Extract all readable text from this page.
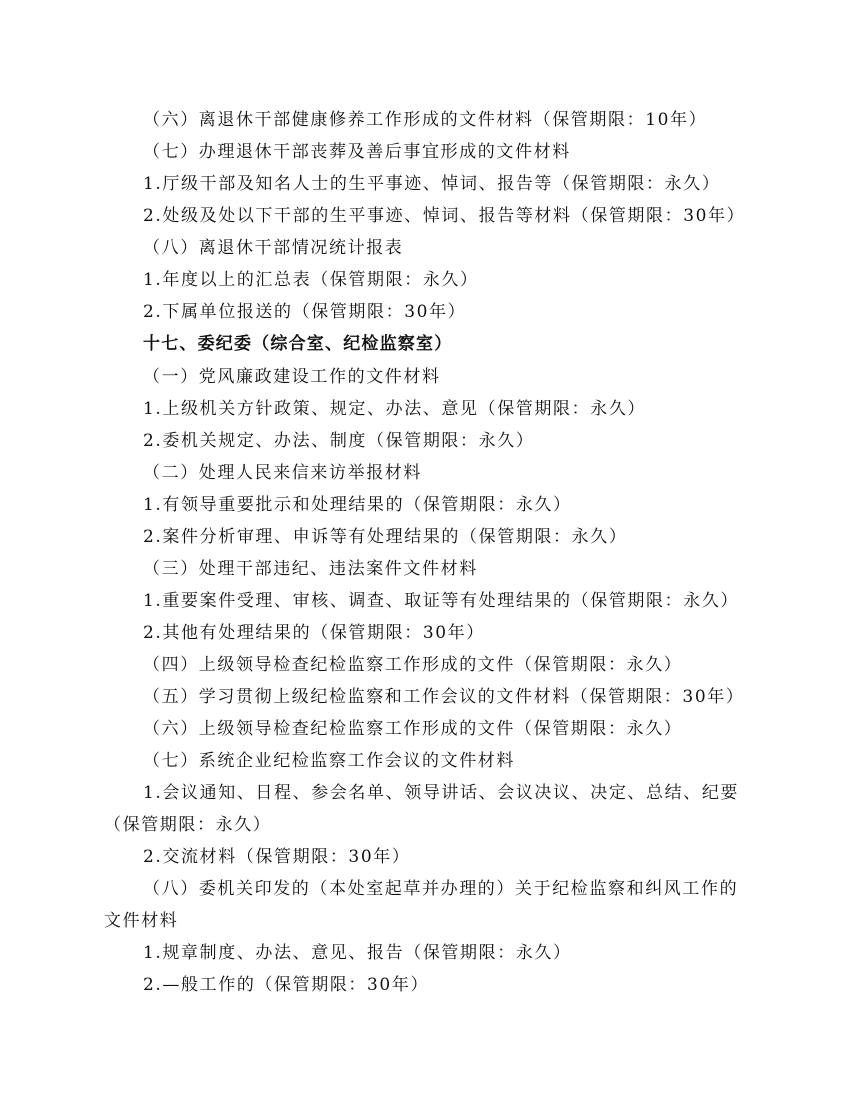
（六）离退休干部健康修养工作形成的文件材料（保管期限：10年）
（七）办理退休干部丧葬及善后事宜形成的文件材料
1.厅级干部及知名人士的生平事迹、悼词、报告等（保管期限：永久）
2.处级及处以下干部的生平事迹、悼词、报告等材料（保管期限：30年）
（八）离退休干部情况统计报表
1.年度以上的汇总表（保管期限：永久）
2.下属单位报送的（保管期限：30年）
十七、委纪委（综合室、纪检监察室）
（一）党风廉政建设工作的文件材料
1.上级机关方针政策、规定、办法、意见（保管期限：永久）
2.委机关规定、办法、制度（保管期限：永久）
（二）处理人民来信来访举报材料
1.有领导重要批示和处理结果的（保管期限：永久）
2.案件分析审理、申诉等有处理结果的（保管期限：永久）
（三）处理干部违纪、违法案件文件材料
1.重要案件受理、审核、调查、取证等有处理结果的（保管期限：永久）
2.其他有处理结果的（保管期限：30年）
（四）上级领导检查纪检监察工作形成的文件（保管期限：永久）
（五）学习贯彻上级纪检监察和工作会议的文件材料（保管期限：30年）
（六）上级领导检查纪检监察工作形成的文件（保管期限：永久）
（七）系统企业纪检监察工作会议的文件材料
1.会议通知、日程、参会名单、领导讲话、会议决议、决定、总结、纪要
（保管期限：永久）
2.交流材料（保管期限：30年）
（八）委机关印发的（本处室起草并办理的）关于纪检监察和纠风工作的
文件材料
1.规章制度、办法、意见、报告（保管期限：永久）
2.—般工作的（保管期限：30年）
